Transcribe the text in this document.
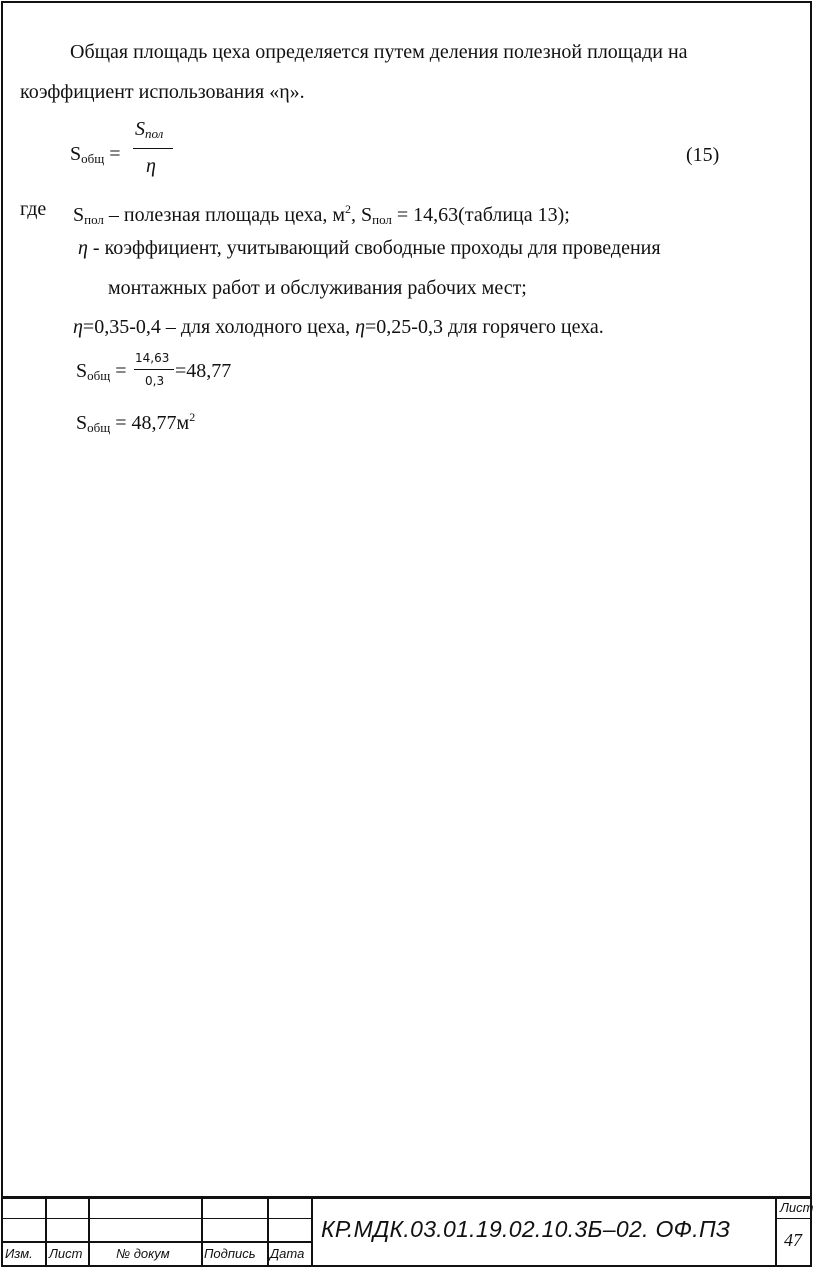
Общая площадь цеха определяется путем деления полезной площади на
коэффициент использования «η».
$S_{общ}$ =
$S_{пол}$
η	(15)
где $S_{пол}$ – полезная площадь цеха, $м^2$, $S_{пол}$ = 14,63(таблица 13);
η - коэффициент, учитывающий свободные проходы для проведения
монтажных работ и обслуживания рабочих мест;
η=0,35-0,4 – для холодного цеха, η=0,25-0,3 для горячего цеха.
$S_{общ}$ =
14,63
0,3 =48,77
$S_{общ} = 48,77м^2$
Изм. Лист	№ докум	Подпись Дата
КР.МДК.03.01.19.02.10.3Б–02. ОФ.ПЗ
Лист
47
